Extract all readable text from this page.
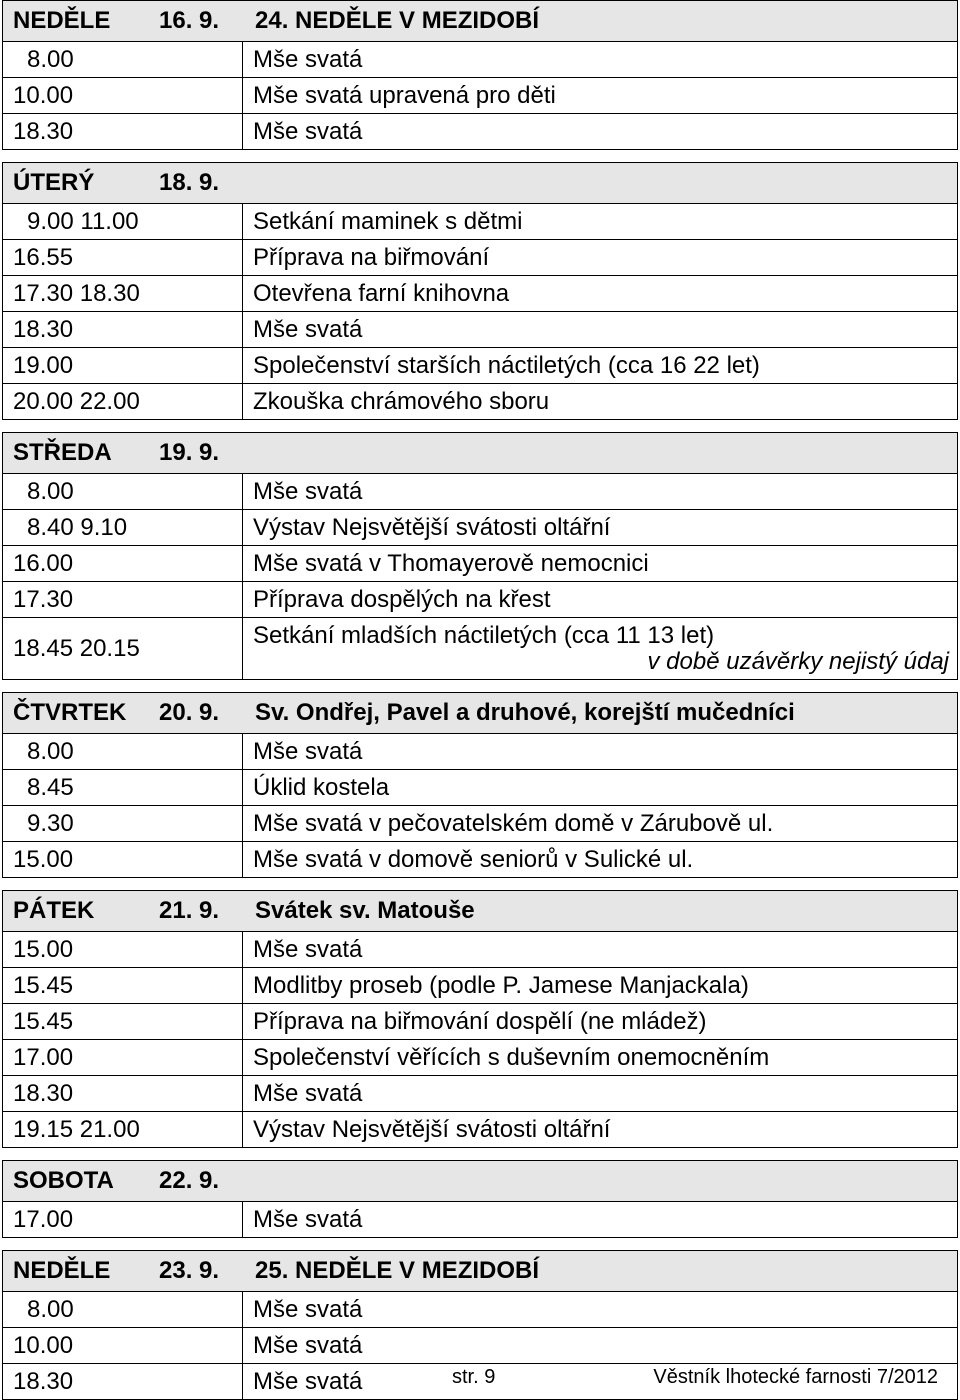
NEDĚLE	16. 9.	24. NEDĚLE V MEZIDOBÍ
8.00	Mše svatá
10.00	Mše svatá upravená pro děti
18.30	Mše svatá
ÚTERÝ	18. 9.
9.00 11.00	Setkání maminek s dětmi
16.55	Příprava na biřmování
17.30 18.30	Otevřena farní knihovna
18.30	Mše svatá
19.00	Společenství starších náctiletých (cca 16 22 let)
20.00 22.00	Zkouška chrámového sboru
STŘEDA	19. 9.
8.00	Mše svatá
8.40 9.10	Výstav Nejsvětější svátosti oltářní
16.00	Mše svatá v Thomayerově nemocnici
17.30	Příprava dospělých na křest
18.45 20.15	Setkání mladších náctiletých (cca 11 13 let)
v době uzávěrky nejistý údaj
ČTVRTEK	20. 9.	Sv. Ondřej, Pavel a druhové, korejští mučedníci
8.00	Mše svatá
8.45	Úklid kostela
9.30	Mše svatá v pečovatelském domě v Zárubově ul.
15.00	Mše svatá v domově seniorů v Sulické ul.
PÁTEK	21. 9.	Svátek sv. Matouše
15.00	Mše svatá
15.45	Modlitby proseb (podle P. Jamese Manjackala)
15.45	Příprava na biřmování dospělí (ne mládež)
17.00	Společenství věřících s duševním onemocněním
18.30	Mše svatá
19.15 21.00	Výstav Nejsvětější svátosti oltářní
SOBOTA	22. 9.
17.00	Mše svatá
NEDĚLE	23. 9.	25. NEDĚLE V MEZIDOBÍ
8.00	Mše svatá
10.00	Mše svatá
18.30	Mše svatá	str. 9	Věstník lhotecké farnosti 7/2012
